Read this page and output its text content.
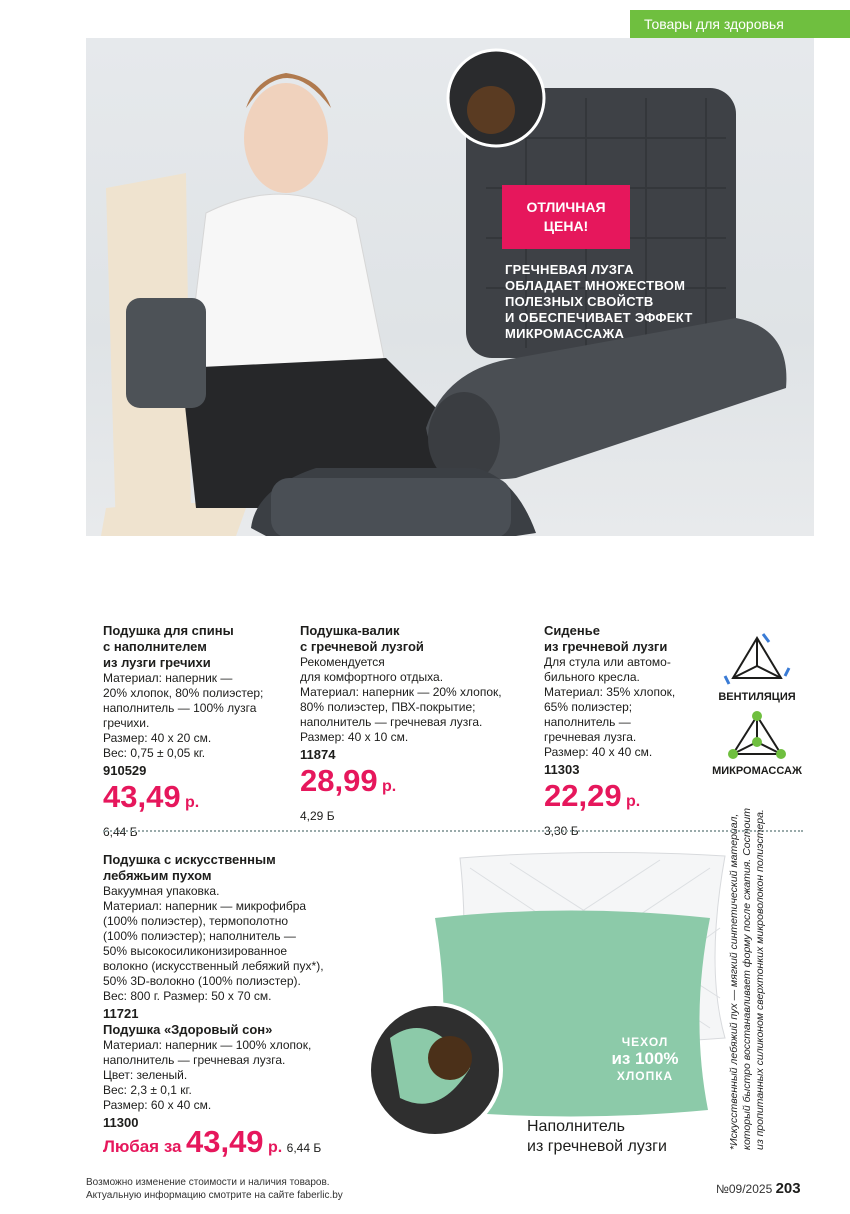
Товары для здоровья
ОТЛИЧНАЯ
ЦЕНА!
ГРЕЧНЕВАЯ ЛУЗГА
ОБЛАДАЕТ МНОЖЕСТВОМ
ПОЛЕЗНЫХ СВОЙСТВ
И ОБЕСПЕЧИВАЕТ ЭФФЕКТ
МИКРОМАССАЖА
Подушка для спины
с наполнителем
из лузги гречихи
Материал: наперник —
20% хлопок, 80% полиэстер;
наполнитель — 100% лузга
гречихи.
Размер: 40 х 20 см.
Вес: 0,75 ± 0,05 кг.
910529
43,49 р.
6,44 Б
Подушка-валик
с гречневой лузгой
Рекомендуется
для комфортного отдыха.
Материал: наперник — 20% хлопок,
80% полиэстер, ПВХ-покрытие;
наполнитель — гречневая лузга.
Размер: 40 х 10 см.
11874
28,99 р.
4,29 Б
Сиденье
из гречневой лузги
Для стула или автомо-
бильного кресла.
Материал: 35% хлопок,
65% полиэстер;
наполнитель —
гречневая лузга.
Размер: 40 х 40 см.
11303
22,29 р.
3,30 Б
ВЕНТИЛЯЦИЯ
МИКРОМАССАЖ
Подушка с искусственным
лебяжьим пухом
Вакуумная упаковка.
Материал: наперник — микрофибра
(100% полиэстер), термополотно
(100% полиэстер); наполнитель —
50% высокосиликонизированное
волокно (искусственный лебяжий пух*),
50% 3D-волокно (100% полиэстер).
Вес: 800 г. Размер: 50 х 70 см.
11721
Подушка «Здоровый сон»
Материал: наперник — 100% хлопок,
наполнитель — гречневая лузга.
Цвет: зеленый.
Вес: 2,3 ± 0,1 кг.
Размер: 60 х 40 см.
11300
Любая за 43,49 р. 6,44 Б
ЧЕХОЛ
из 100%
ХЛОПКА
Наполнитель
из гречневой лузги	*Искусственный лебяжий пух — мягкий синтетический материал, который быстро восстанавливает форму после сжатия. Состоит из пропитанных силиконом сверхтонких микроволокон полиэстера.
Возможно изменение стоимости и наличия товаров.
Актуальную информацию смотрите на сайте faberlic.by	№09/2025 203
